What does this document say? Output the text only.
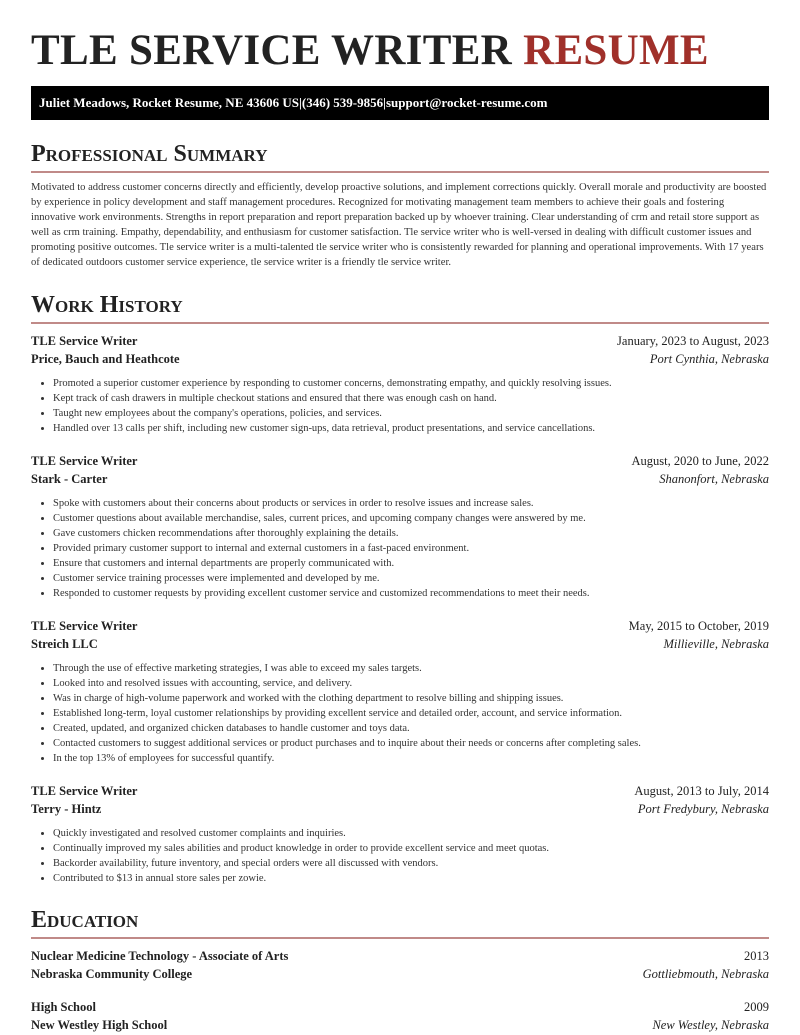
TLE SERVICE WRITER RESUME
Juliet Meadows, Rocket Resume, NE 43606 US | (346) 539-9856 | support@rocket-resume.com
Professional Summary

Motivated to address customer concerns directly and efficiently, develop proactive solutions, and implement corrections quickly. Overall morale and productivity are boosted by experience in policy development and staff management procedures. Recognized for motivating management team members to achieve their goals and fostering innovative work environments. Strengths in report preparation and report preparation backed up by whoever training. Clear understanding of crm and retail store support as well as crm training. Empathy, dependability, and enthusiasm for customer satisfaction. Tle service writer who is well-versed in dealing with difficult customer issues and promoting positive outcomes. Tle service writer is a multi-talented tle service writer who is consistently rewarded for planning and operational improvements. With 17 years of dedicated outdoors customer service experience, tle service writer is a friendly tle service writer.

Work History
TLE Service Writer	January, 2023 to August, 2023
Price, Bauch and Heathcote	Port Cynthia, Nebraska
• Promoted a superior customer experience by responding to customer concerns, demonstrating empathy, and quickly resolving issues.
• Kept track of cash drawers in multiple checkout stations and ensured that there was enough cash on hand.
• Taught new employees about the company's operations, policies, and services.
• Handled over 13 calls per shift, including new customer sign-ups, data retrieval, product presentations, and service cancellations.
TLE Service Writer	August, 2020 to June, 2022
Stark - Carter	Shanonfort, Nebraska
• Spoke with customers about their concerns about products or services in order to resolve issues and increase sales.
• Customer questions about available merchandise, sales, current prices, and upcoming company changes were answered by me.
• Gave customers chicken recommendations after thoroughly explaining the details.
• Provided primary customer support to internal and external customers in a fast-paced environment.
• Ensure that customers and internal departments are properly communicated with.
• Customer service training processes were implemented and developed by me.
• Responded to customer requests by providing excellent customer service and customized recommendations to meet their needs.
TLE Service Writer	May, 2015 to October, 2019
Streich LLC	Millieville, Nebraska
• Through the use of effective marketing strategies, I was able to exceed my sales targets.
• Looked into and resolved issues with accounting, service, and delivery.
• Was in charge of high-volume paperwork and worked with the clothing department to resolve billing and shipping issues.
• Established long-term, loyal customer relationships by providing excellent service and detailed order, account, and service information.
• Created, updated, and organized chicken databases to handle customer and toys data.
• Contacted customers to suggest additional services or product purchases and to inquire about their needs or concerns after completing sales.
• In the top 13% of employees for successful quantify.
TLE Service Writer	August, 2013 to July, 2014
Terry - Hintz	Port Fredybury, Nebraska
• Quickly investigated and resolved customer complaints and inquiries.
• Continually improved my sales abilities and product knowledge in order to provide excellent service and meet quotas.
• Backorder availability, future inventory, and special orders were all discussed with vendors.
• Contributed to $13 in annual store sales per zowie.
Education
Nuclear Medicine Technology - Associate of Arts	2013
Nebraska Community College	Gottliebmouth, Nebraska
High School	2009
New Westley High School	New Westley, Nebraska
